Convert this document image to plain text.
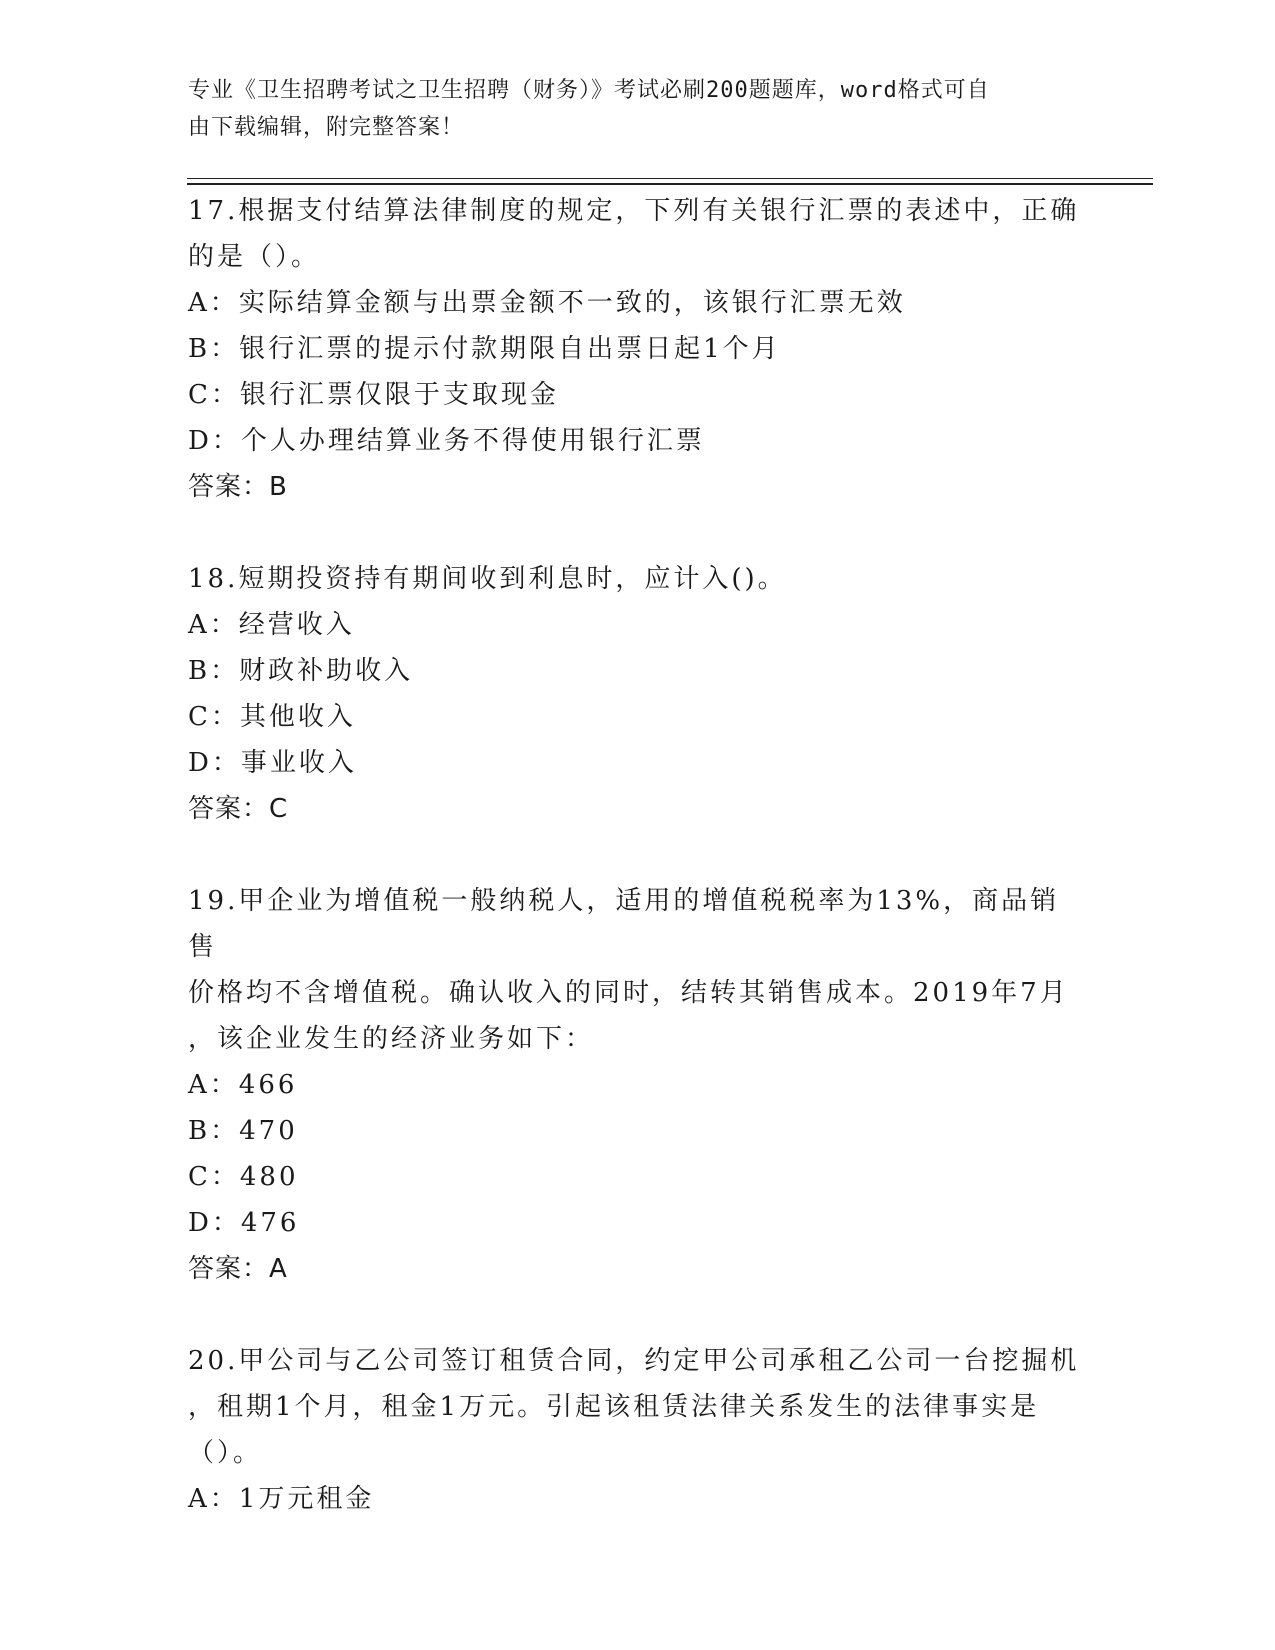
专业《卫生招聘考试之卫生招聘（财务）》考试必刷200题题库，word格式可自
由下载编辑，附完整答案！
17.根据支付结算法律制度的规定，下列有关银行汇票的表述中，正确
的是（）。
A：实际结算金额与出票金额不一致的，该银行汇票无效
B：银行汇票的提示付款期限自出票日起1个月
C：银行汇票仅限于支取现金
D：个人办理结算业务不得使用银行汇票
答案：B
18.短期投资持有期间收到利息时，应计入()。
A：经营收入
B：财政补助收入
C：其他收入
D：事业收入
答案：C
19.甲企业为增值税一般纳税人，适用的增值税税率为13%，商品销售
价格均不含增值税。确认收入的同时，结转其销售成本。2019年7月
，该企业发生的经济业务如下：
A：466
B：470
C：480
D：476
答案：A
20.甲公司与乙公司签订租赁合同，约定甲公司承租乙公司一台挖掘机
，租期1个月，租金1万元。引起该租赁法律关系发生的法律事实是
（）。
A：1万元租金
